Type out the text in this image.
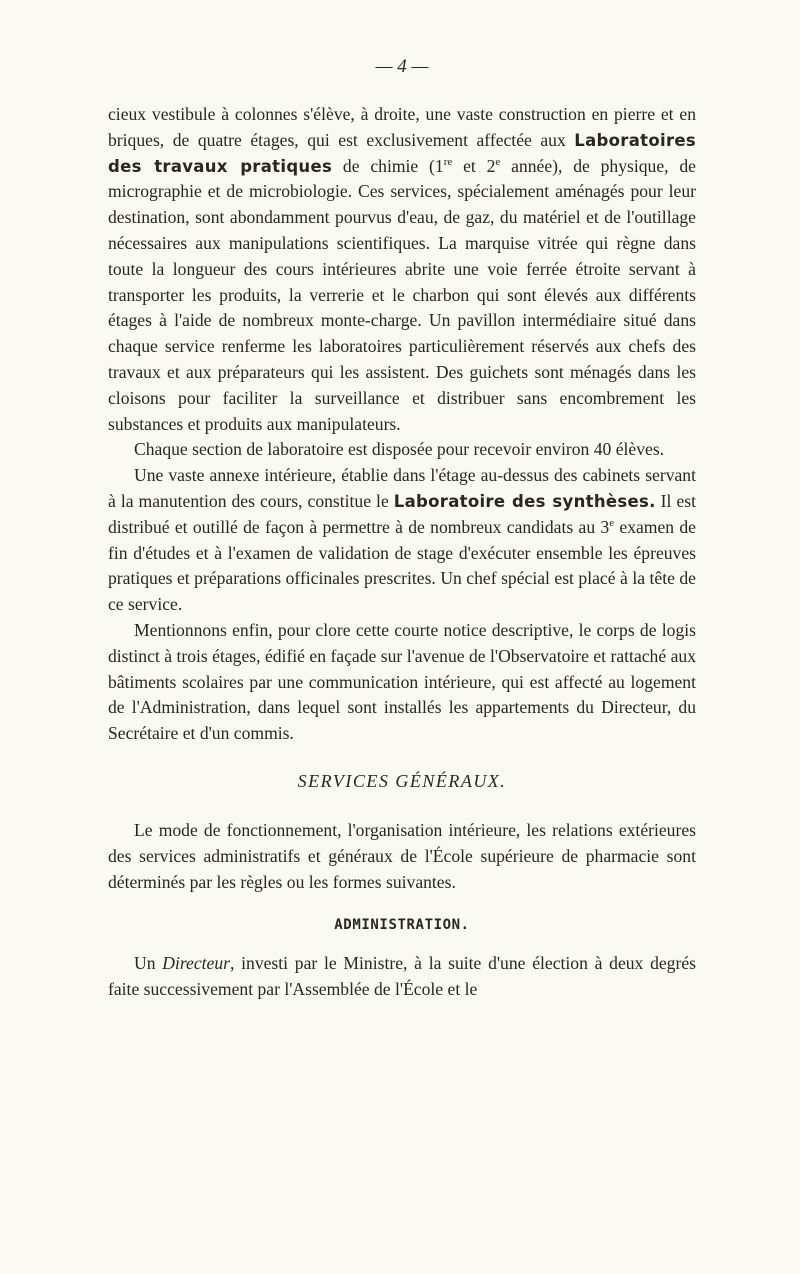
— 4 —

cieux vestibule à colonnes s'élève, à droite, une vaste construction en pierre et en briques, de quatre étages, qui est exclusivement affectée aux Laboratoires des travaux pratiques de chimie (1re et 2e année), de physique, de micrographie et de microbiologie. Ces services, spécialement aménagés pour leur destination, sont abondamment pourvus d'eau, de gaz, du matériel et de l'outillage nécessaires aux manipulations scientifiques. La marquise vitrée qui règne dans toute la longueur des cours intérieures abrite une voie ferrée étroite servant à transporter les produits, la verrerie et le charbon qui sont élevés aux différents étages à l'aide de nombreux monte-charge. Un pavillon intermédiaire situé dans chaque service renferme les laboratoires particulièrement réservés aux chefs des travaux et aux préparateurs qui les assistent. Des guichets sont ménagés dans les cloisons pour faciliter la surveillance et distribuer sans encombrement les substances et produits aux manipulateurs.

Chaque section de laboratoire est disposée pour recevoir environ 40 élèves.

Une vaste annexe intérieure, établie dans l'étage au-dessus des cabinets servant à la manutention des cours, constitue le Laboratoire des synthèses. Il est distribué et outillé de façon à permettre à de nombreux candidats au 3e examen de fin d'études et à l'examen de validation de stage d'exécuter ensemble les épreuves pratiques et préparations officinales prescrites. Un chef spécial est placé à la tête de ce service.

Mentionnons enfin, pour clore cette courte notice descriptive, le corps de logis distinct à trois étages, édifié en façade sur l'avenue de l'Observatoire et rattaché aux bâtiments scolaires par une communication intérieure, qui est affecté au logement de l'Administration, dans lequel sont installés les appartements du Directeur, du Secrétaire et d'un commis.

SERVICES GÉNÉRAUX.

Le mode de fonctionnement, l'organisation intérieure, les relations extérieures des services administratifs et généraux de l'École supérieure de pharmacie sont déterminés par les règles ou les formes suivantes.

ADMINISTRATION.

Un Directeur, investi par le Ministre, à la suite d'une élection à deux degrés faite successivement par l'Assemblée de l'École et le
